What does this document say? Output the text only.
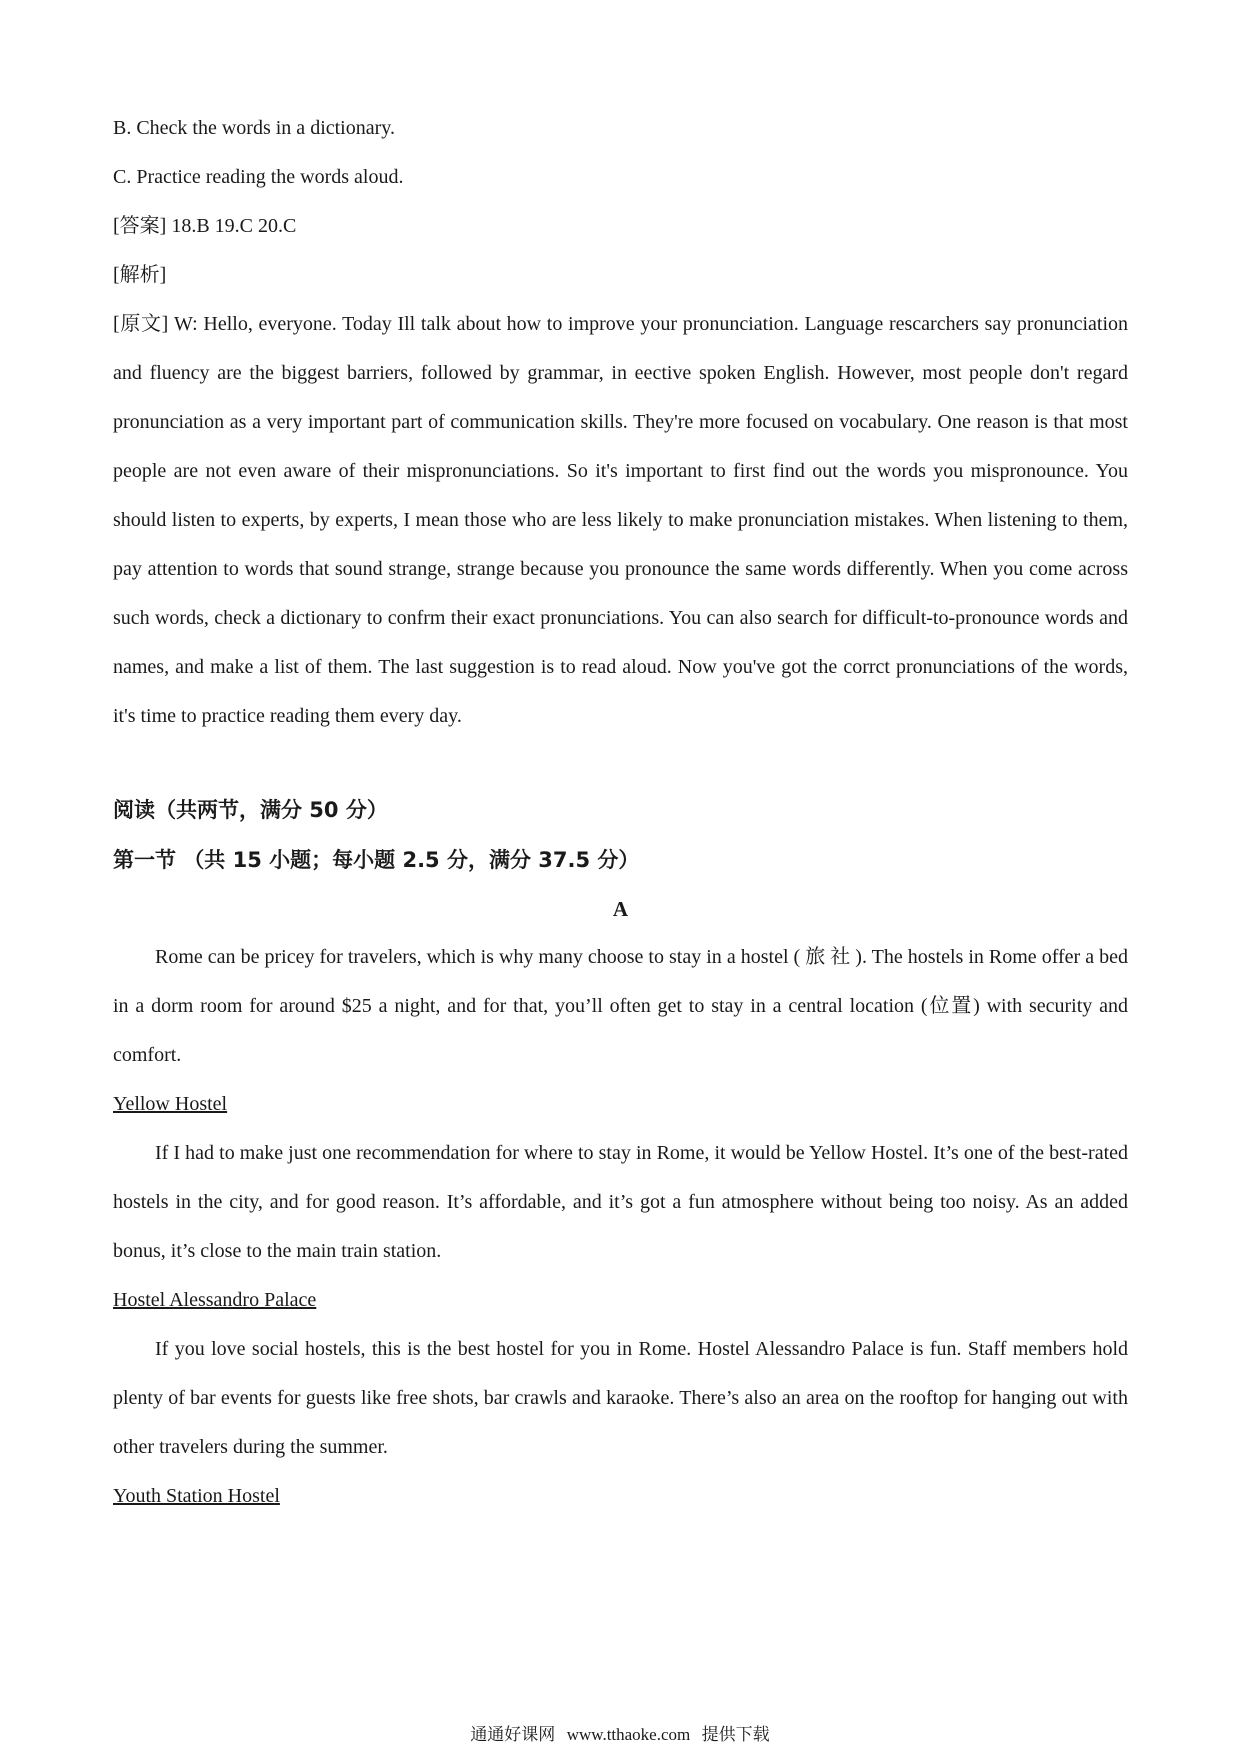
B. Check the words in a dictionary.

C. Practice reading the words aloud.

[答案] 18.B 19.C 20.C

[解析]

[原文] W: Hello, everyone. Today Ill talk about how to improve your pronunciation. Language rescarchers say pronunciation and fluency are the biggest barriers, followed by grammar, in eective spoken English. However, most people don't regard pronunciation as a very important part of communication skills. They're more focused on vocabulary. One reason is that most people are not even aware of their mispronunciations. So it's important to first find out the words you mispronounce. You should listen to experts, by experts, I mean those who are less likely to make pronunciation mistakes. When listening to them, pay attention to words that sound strange, strange because you pronounce the same words differently. When you come across such words, check a dictionary to confrm their exact pronunciations. You can also search for difficult-to-pronounce words and names, and make a list of them. The last suggestion is to read aloud. Now you've got the corrct pronunciations of the words, it's time to practice reading them every day.

阅读（共两节，满分 50 分）

第一节 （共 15 小题；每小题 2.5 分，满分 37.5 分）

A

Rome can be pricey for travelers, which is why many choose to stay in a hostel ( 旅 社 ). The hostels in Rome offer a bed in a dorm room for around $25 a night, and for that, you’ll often get to stay in a central location (位置) with security and comfort.

Yellow Hostel

If I had to make just one recommendation for where to stay in Rome, it would be Yellow Hostel. It’s one of the best-rated hostels in the city, and for good reason. It’s affordable, and it’s got a fun atmosphere without being too noisy. As an added bonus, it’s close to the main train station.

Hostel Alessandro Palace

If you love social hostels, this is the best hostel for you in Rome. Hostel Alessandro Palace is fun. Staff members hold plenty of bar events for guests like free shots, bar crawls and karaoke. There’s also an area on the rooftop for hanging out with other travelers during the summer.

Youth Station Hostel

通通好课网 www.tthaoke.com 提供下载
